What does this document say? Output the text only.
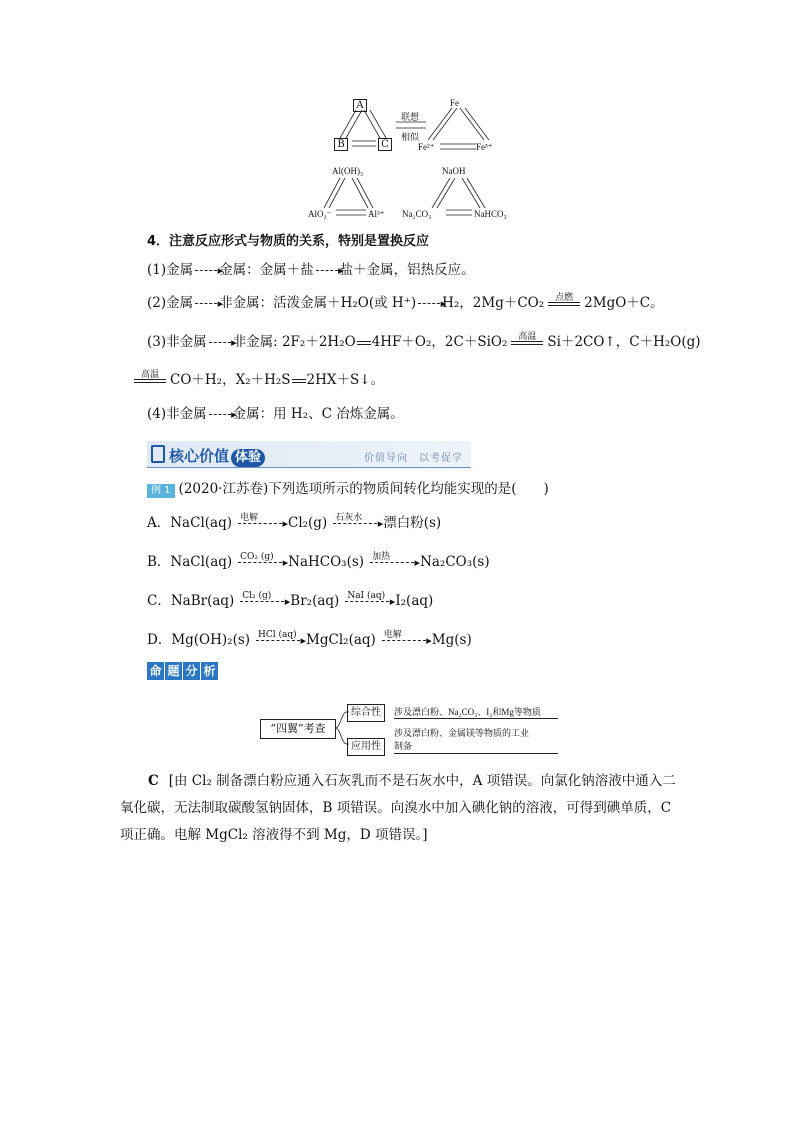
A
B	C
联想
相似
Fe
Fe²⁺	Fe³⁺
Al(OH)₃
AlO₂⁻	Al³⁺
NaOH
Na₂CO₃	NaHCO₃
4．注意反应形式与物质的关系，特别是置换反应
(1)金属 ▸ 金属：金属＋盐 ▸ 盐＋金属，铝热反应。
(2)金属 ▸ 非金属：活泼金属＋H₂O(或 H⁺) ▸ H₂，2Mg＋CO₂	点燃 2MgO＋C。
(3)非金属 ▸ 非金属: 2F₂＋2H₂O 4HF＋O₂，2C＋SiO₂	高温 Si＋2CO↑，C＋H₂O(g)
高温 CO＋H₂，X₂＋H₂S 2HX＋S↓。
(4)非金属 ▸ 金属：用 H₂、C 冶炼金属。
核心价值 体验	价值导向　以考促学
例 1 (2020·江苏卷)下列选项所示的物质间转化均能实现的是(　　)
A．NaCl(aq) 电解
▸ Cl₂(g) 石灰水
▸ 漂白粉(s)
B．NaCl(aq) CO₂ (g)
▸ NaHCO₃(s) 加热
▸ Na₂CO₃(s)
C．NaBr(aq) Cl₂ (g)
▸ Br₂(aq) NaI (aq)
▸ I₂(aq)
D．Mg(OH)₂(s) HCl (aq)
▸ MgCl₂(aq) 电解
▸ Mg(s)
命 题 分 析
“四翼”考查
综合性	涉及漂白粉、Na₂CO₃、I₂和Mg等物质
应用性
涉及漂白粉、金属镁等物质的工业
制备
C [由 Cl₂ 制备漂白粉应通入石灰乳而不是石灰水中，A 项错误。向氯化钠溶液中通入二氧化碳，无法制取碳酸氢钠固体，B 项错误。向溴水中加入碘化钠的溶液，可得到碘单质，C 项正确。电解 MgCl₂ 溶液得不到 Mg，D 项错误。]
